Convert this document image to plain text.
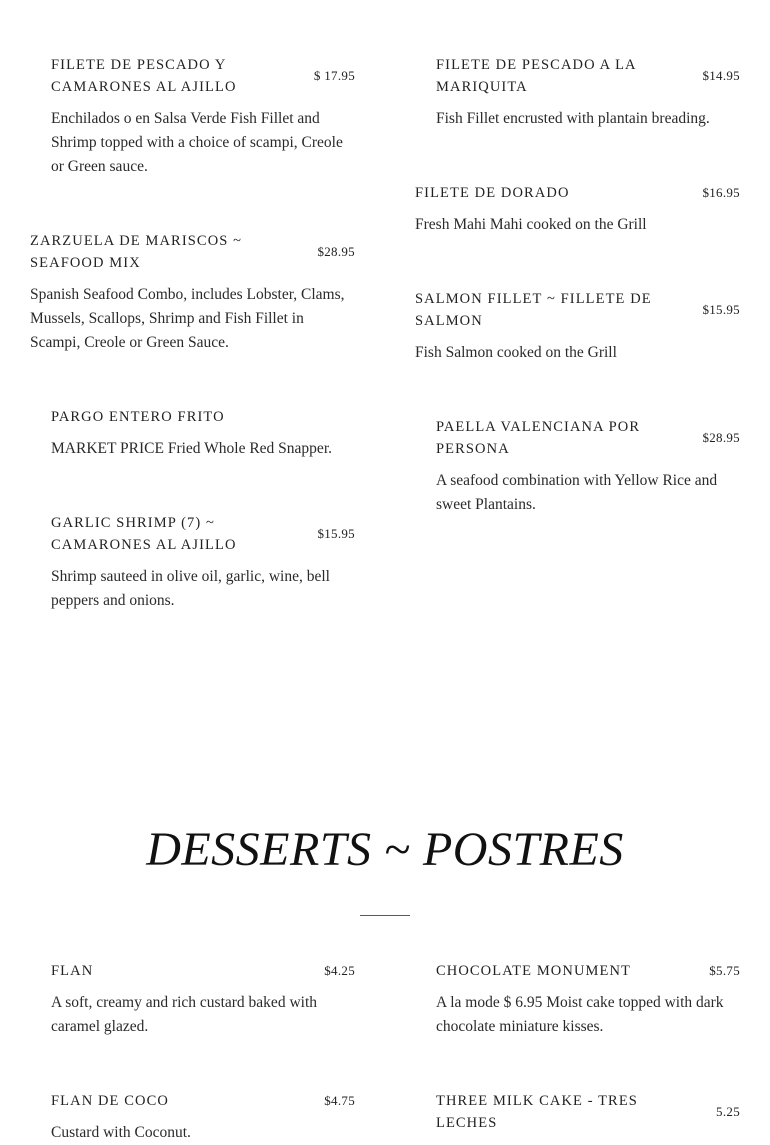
FILETE DE PESCADO Y CAMARONES AL AJILLO
$ 17.95
Enchilados o en Salsa Verde Fish Fillet and Shrimp topped with a choice of scampi, Creole or Green sauce.
FILETE DE PESCADO A LA MARIQUITA
$14.95
Fish Fillet encrusted with plantain breading.
FILETE DE DORADO	$16.95
Fresh Mahi Mahi cooked on the Grill
ZARZUELA DE MARISCOS ~ SEAFOOD MIX
$28.95
Spanish Seafood Combo, includes Lobster, Clams, Mussels, Scallops, Shrimp and Fish Fillet in Scampi, Creole or Green Sauce.
SALMON FILLET ~ FILLETE DE SALMON
$15.95
Fish Salmon cooked on the Grill
PARGO ENTERO FRITO
MARKET PRICE Fried Whole Red Snapper.
PAELLA VALENCIANA POR PERSONA
$28.95
A seafood combination with Yellow Rice and sweet Plantains.
GARLIC SHRIMP (7) ~ CAMARONES AL AJILLO
$15.95
Shrimp sauteed in olive oil, garlic, wine, bell peppers and onions.
DESSERTS ~ POSTRES
FLAN	$4.25
A soft, creamy and rich custard baked with caramel glazed.
CHOCOLATE MONUMENT	$5.75
A la mode $ 6.95 Moist cake topped with dark chocolate miniature kisses.
FLAN DE COCO	$4.75
Custard with Coconut.
THREE MILK CAKE - TRES LECHES
5.25
